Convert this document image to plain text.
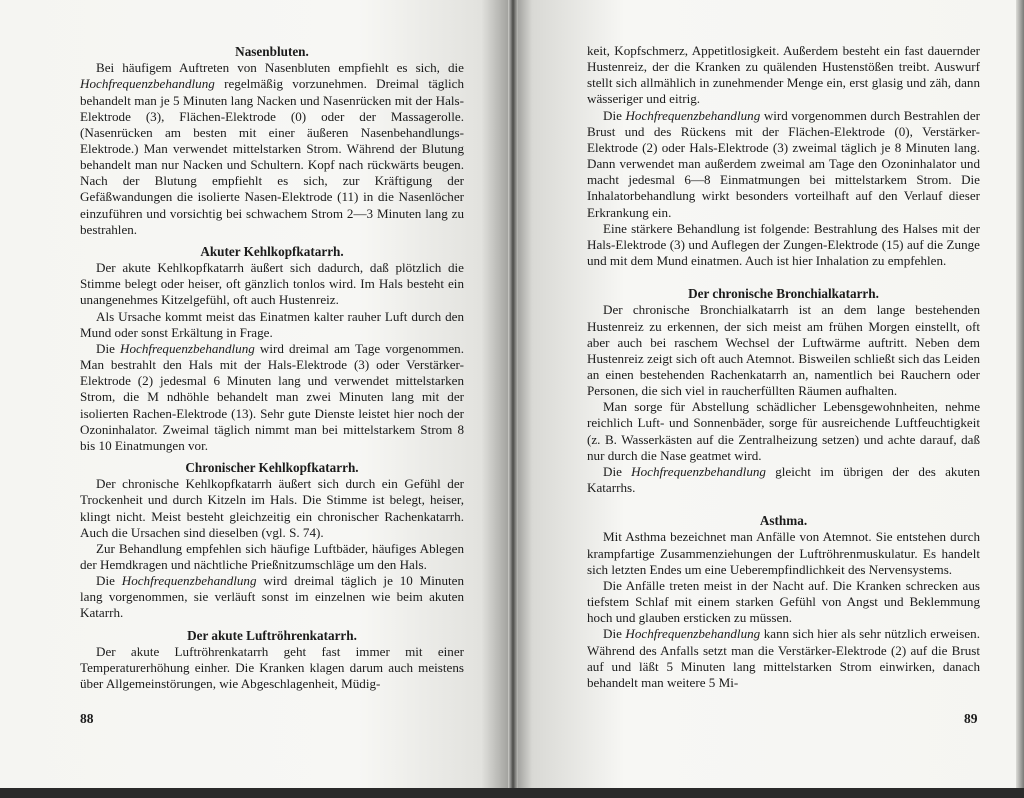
Nasenbluten.

Bei häufigem Auftreten von Nasenbluten empfiehlt es sich, die Hochfrequenzbehandlung regelmäßig vorzunehmen. Dreimal täglich behandelt man je 5 Minuten lang Nacken und Nasenrücken mit der Hals-Elektrode (3), Flächen-Elektrode (0) oder der Massagerolle. (Nasenrücken am besten mit einer äußeren Nasenbehandlungs-Elektrode.) Man verwendet mittelstarken Strom. Während der Blutung behandelt man nur Nacken und Schultern. Kopf nach rückwärts beugen. Nach der Blutung empfiehlt es sich, zur Kräftigung der Gefäßwandungen die isolierte Nasen-Elektrode (11) in die Nasenlöcher einzuführen und vorsichtig bei schwachem Strom 2—3 Minuten lang zu bestrahlen.

Akuter Kehlkopfkatarrh.

Der akute Kehlkopfkatarrh äußert sich dadurch, daß plötzlich die Stimme belegt oder heiser, oft gänzlich tonlos wird. Im Hals besteht ein unangenehmes Kitzelgefühl, oft auch Hustenreiz.

Als Ursache kommt meist das Einatmen kalter rauher Luft durch den Mund oder sonst Erkältung in Frage.

Die Hochfrequenzbehandlung wird dreimal am Tage vorgenommen. Man bestrahlt den Hals mit der Hals-Elektrode (3) oder Verstärker-Elektrode (2) jedesmal 6 Minuten lang und verwendet mittelstarken Strom, die M ndhöhle behandelt man zwei Minuten lang mit der isolierten Rachen-Elektrode (13). Sehr gute Dienste leistet hier noch der Ozoninhalator. Zweimal täglich nimmt man bei mittelstarkem Strom 8 bis 10 Einatmungen vor.

Chronischer Kehlkopfkatarrh.

Der chronische Kehlkopfkatarrh äußert sich durch ein Gefühl der Trockenheit und durch Kitzeln im Hals. Die Stimme ist belegt, heiser, klingt nicht. Meist besteht gleichzeitig ein chronischer Rachenkatarrh. Auch die Ursachen sind dieselben (vgl. S. 74).

Zur Behandlung empfehlen sich häufige Luftbäder, häufiges Ablegen der Hemdkragen und nächtliche Prießnitzumschläge um den Hals.

Die Hochfrequenzbehandlung wird dreimal täglich je 10 Minuten lang vorgenommen, sie verläuft sonst im einzelnen wie beim akuten Katarrh.

Der akute Luftröhrenkatarrh.

Der akute Luftröhrenkatarrh geht fast immer mit einer Temperaturerhöhung einher. Die Kranken klagen darum auch meistens über Allgemeinstörungen, wie Abgeschlagenheit, Müdig-

88

keit, Kopfschmerz, Appetitlosigkeit. Außerdem besteht ein fast dauernder Hustenreiz, der die Kranken zu quälenden Hustenstößen treibt. Auswurf stellt sich allmählich in zunehmender Menge ein, erst glasig und zäh, dann wässeriger und eitrig.

Die Hochfrequenzbehandlung wird vorgenommen durch Bestrahlen der Brust und des Rückens mit der Flächen-Elektrode (0), Verstärker-Elektrode (2) oder Hals-Elektrode (3) zweimal täglich je 8 Minuten lang. Dann verwendet man außerdem zweimal am Tage den Ozoninhalator und macht jedesmal 6—8 Einmatmungen bei mittelstarkem Strom. Die Inhalatorbehandlung wirkt besonders vorteilhaft auf den Verlauf dieser Erkrankung ein.

Eine stärkere Behandlung ist folgende: Bestrahlung des Halses mit der Hals-Elektrode (3) und Auflegen der Zungen-Elektrode (15) auf die Zunge und mit dem Mund einatmen. Auch ist hier Inhalation zu empfehlen.

Der chronische Bronchialkatarrh.

Der chronische Bronchialkatarrh ist an dem lange bestehenden Hustenreiz zu erkennen, der sich meist am frühen Morgen einstellt, oft aber auch bei raschem Wechsel der Luftwärme auftritt. Neben dem Hustenreiz zeigt sich oft auch Atemnot. Bisweilen schließt sich das Leiden an einen bestehenden Rachenkatarrh an, namentlich bei Rauchern oder Personen, die sich viel in raucherfüllten Räumen aufhalten.

Man sorge für Abstellung schädlicher Lebensgewohnheiten, nehme reichlich Luft- und Sonnenbäder, sorge für ausreichende Luftfeuchtigkeit (z. B. Wasserkästen auf die Zentralheizung setzen) und achte darauf, daß nur durch die Nase geatmet wird.

Die Hochfrequenzbehandlung gleicht im übrigen der des akuten Katarrhs.

Asthma.

Mit Asthma bezeichnet man Anfälle von Atemnot. Sie entstehen durch krampfartige Zusammenziehungen der Luftröhrenmuskulatur. Es handelt sich letzten Endes um eine Ueberempfindlichkeit des Nervensystems.

Die Anfälle treten meist in der Nacht auf. Die Kranken schrecken aus tiefstem Schlaf mit einem starken Gefühl von Angst und Beklemmung hoch und glauben ersticken zu müssen.

Die Hochfrequenzbehandlung kann sich hier als sehr nützlich erweisen. Während des Anfalls setzt man die Verstärker-Elektrode (2) auf die Brust auf und läßt 5 Minuten lang mittelstarken Strom einwirken, danach behandelt man weitere 5 Mi-

89
